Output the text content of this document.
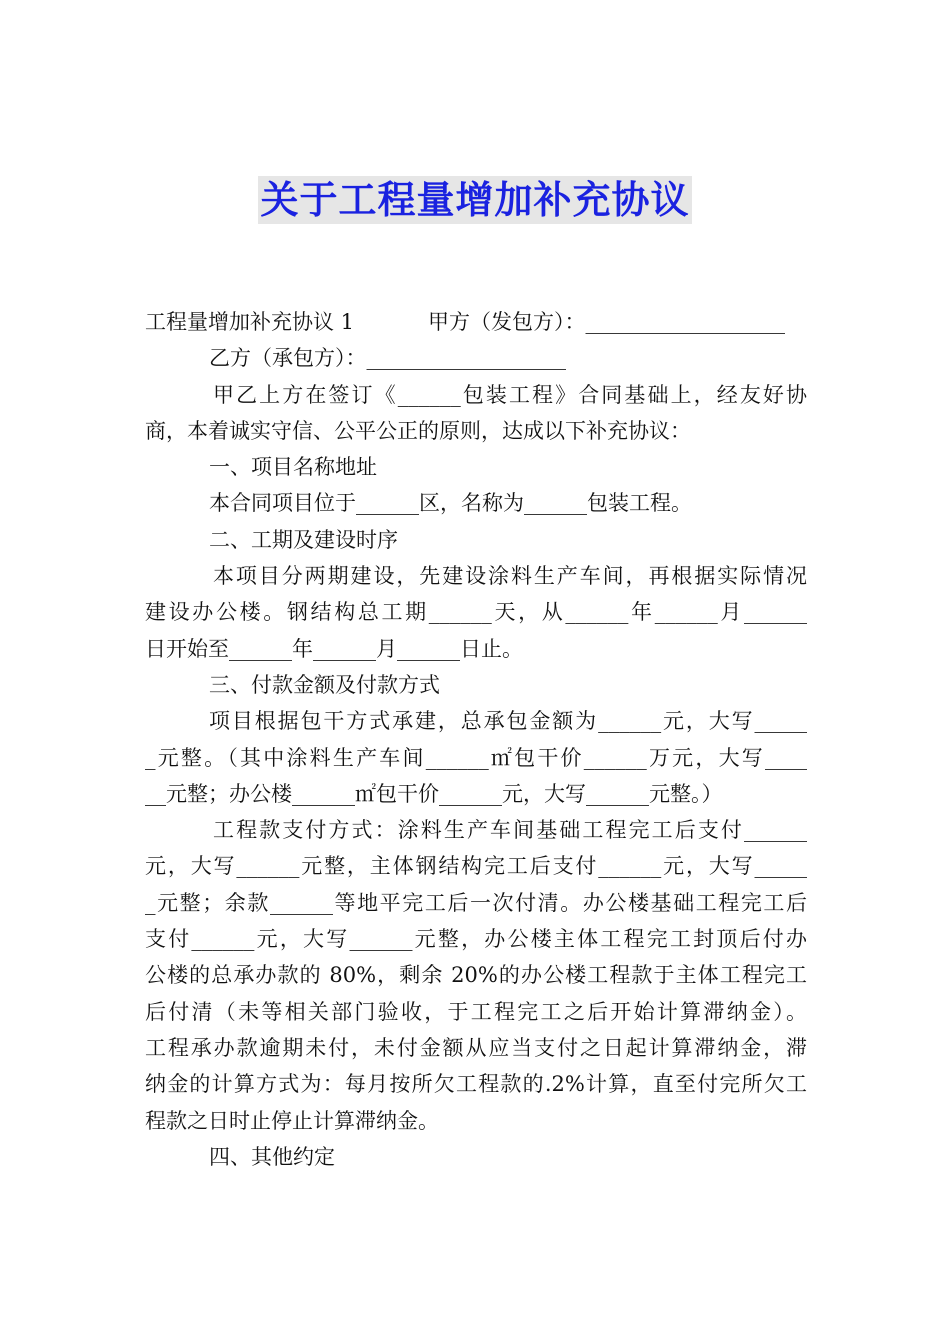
关于工程量增加补充协议
工程量增加补充协议 1	甲方（发包方）：___________________
乙方（承包方）：___________________
甲乙上方在签订《______包装工程》合同基础上，经友好协
商，本着诚实守信、公平公正的原则，达成以下补充协议：
一、项目名称地址
本合同项目位于______区，名称为______包装工程。
二、工期及建设时序
本项目分两期建设，先建设涂料生产车间，再根据实际情况
建设办公楼。钢结构总工期______天，从______年______月______
日开始至______年______月______日止。
三、付款金额及付款方式
项目根据包干方式承建，总承包金额为______元，大写_____
_元整。（其中涂料生产车间______㎡包干价______万元，大写____
__元整；办公楼______㎡包干价______元，大写______元整。）
工程款支付方式：涂料生产车间基础工程完工后支付______
元，大写______元整，主体钢结构完工后支付______元，大写_____
_元整；余款______等地平完工后一次付清。办公楼基础工程完工后
支付______元，大写______元整，办公楼主体工程完工封顶后付办
公楼的总承办款的 80%，剩余 20%的办公楼工程款于主体工程完工
后付清（未等相关部门验收，于工程完工之后开始计算滞纳金）。
工程承办款逾期未付，未付金额从应当支付之日起计算滞纳金，滞
纳金的计算方式为：每月按所欠工程款的.2%计算，直至付完所欠工
程款之日时止停止计算滞纳金。
四、其他约定
